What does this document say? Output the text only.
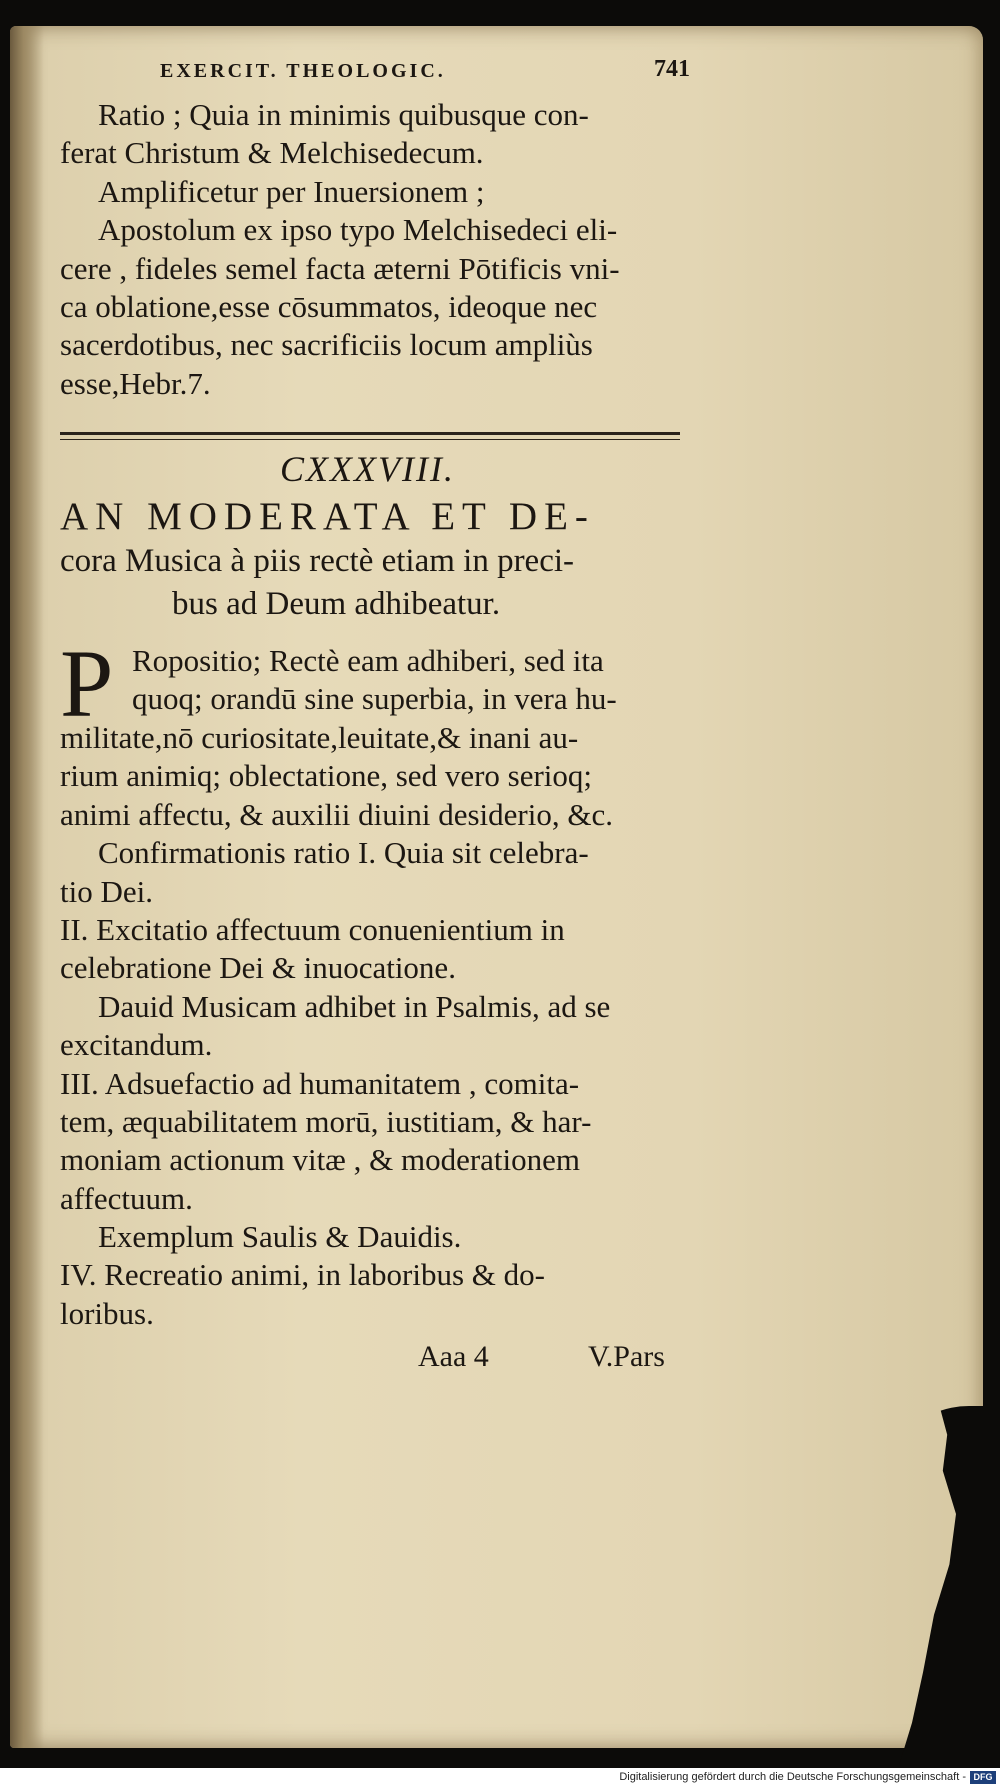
EXERCIT. THEOLOGIC.	741
Ratio ; Quia in minimis quibusque con-
ferat Christum & Melchisedecum.
Amplificetur per Inuersionem ;
Apostolum ex ipso typo Melchisedeci eli-
cere , fideles semel facta æterni Pōtificis vni-
ca oblatione,esse cōsummatos, ideoque nec
sacerdotibus, nec sacrificiis locum ampliùs
esse,Hebr.7.
CXXXVIII.
AN MODERATA ET DE-
cora Musica à piis rectè etiam in preci-
bus ad Deum adhibeatur.
P Ropositio; Rectè eam adhiberi, sed ita
quoq; orandū sine superbia, in vera hu-
militate,nō curiositate,leuitate,& inani au-
rium animiq; oblectatione, sed vero serioq;
animi affectu, & auxilii diuini desiderio, &c.
Confirmationis ratio I. Quia sit celebra-
tio Dei.
II. Excitatio affectuum conuenientium in
celebratione Dei & inuocatione.
Dauid Musicam adhibet in Psalmis, ad se
excitandum.
III. Adsuefactio ad humanitatem , comita-
tem, æquabilitatem morū, iustitiam, & har-
moniam actionum vitæ , & moderationem
affectuum.
Exemplum Saulis & Dauidis.
IV. Recreatio animi, in laboribus & do-
loribus.
Aaa 4	V.Pars
Digitalisierung gefördert durch die Deutsche Forschungsgemeinschaft - DFG
